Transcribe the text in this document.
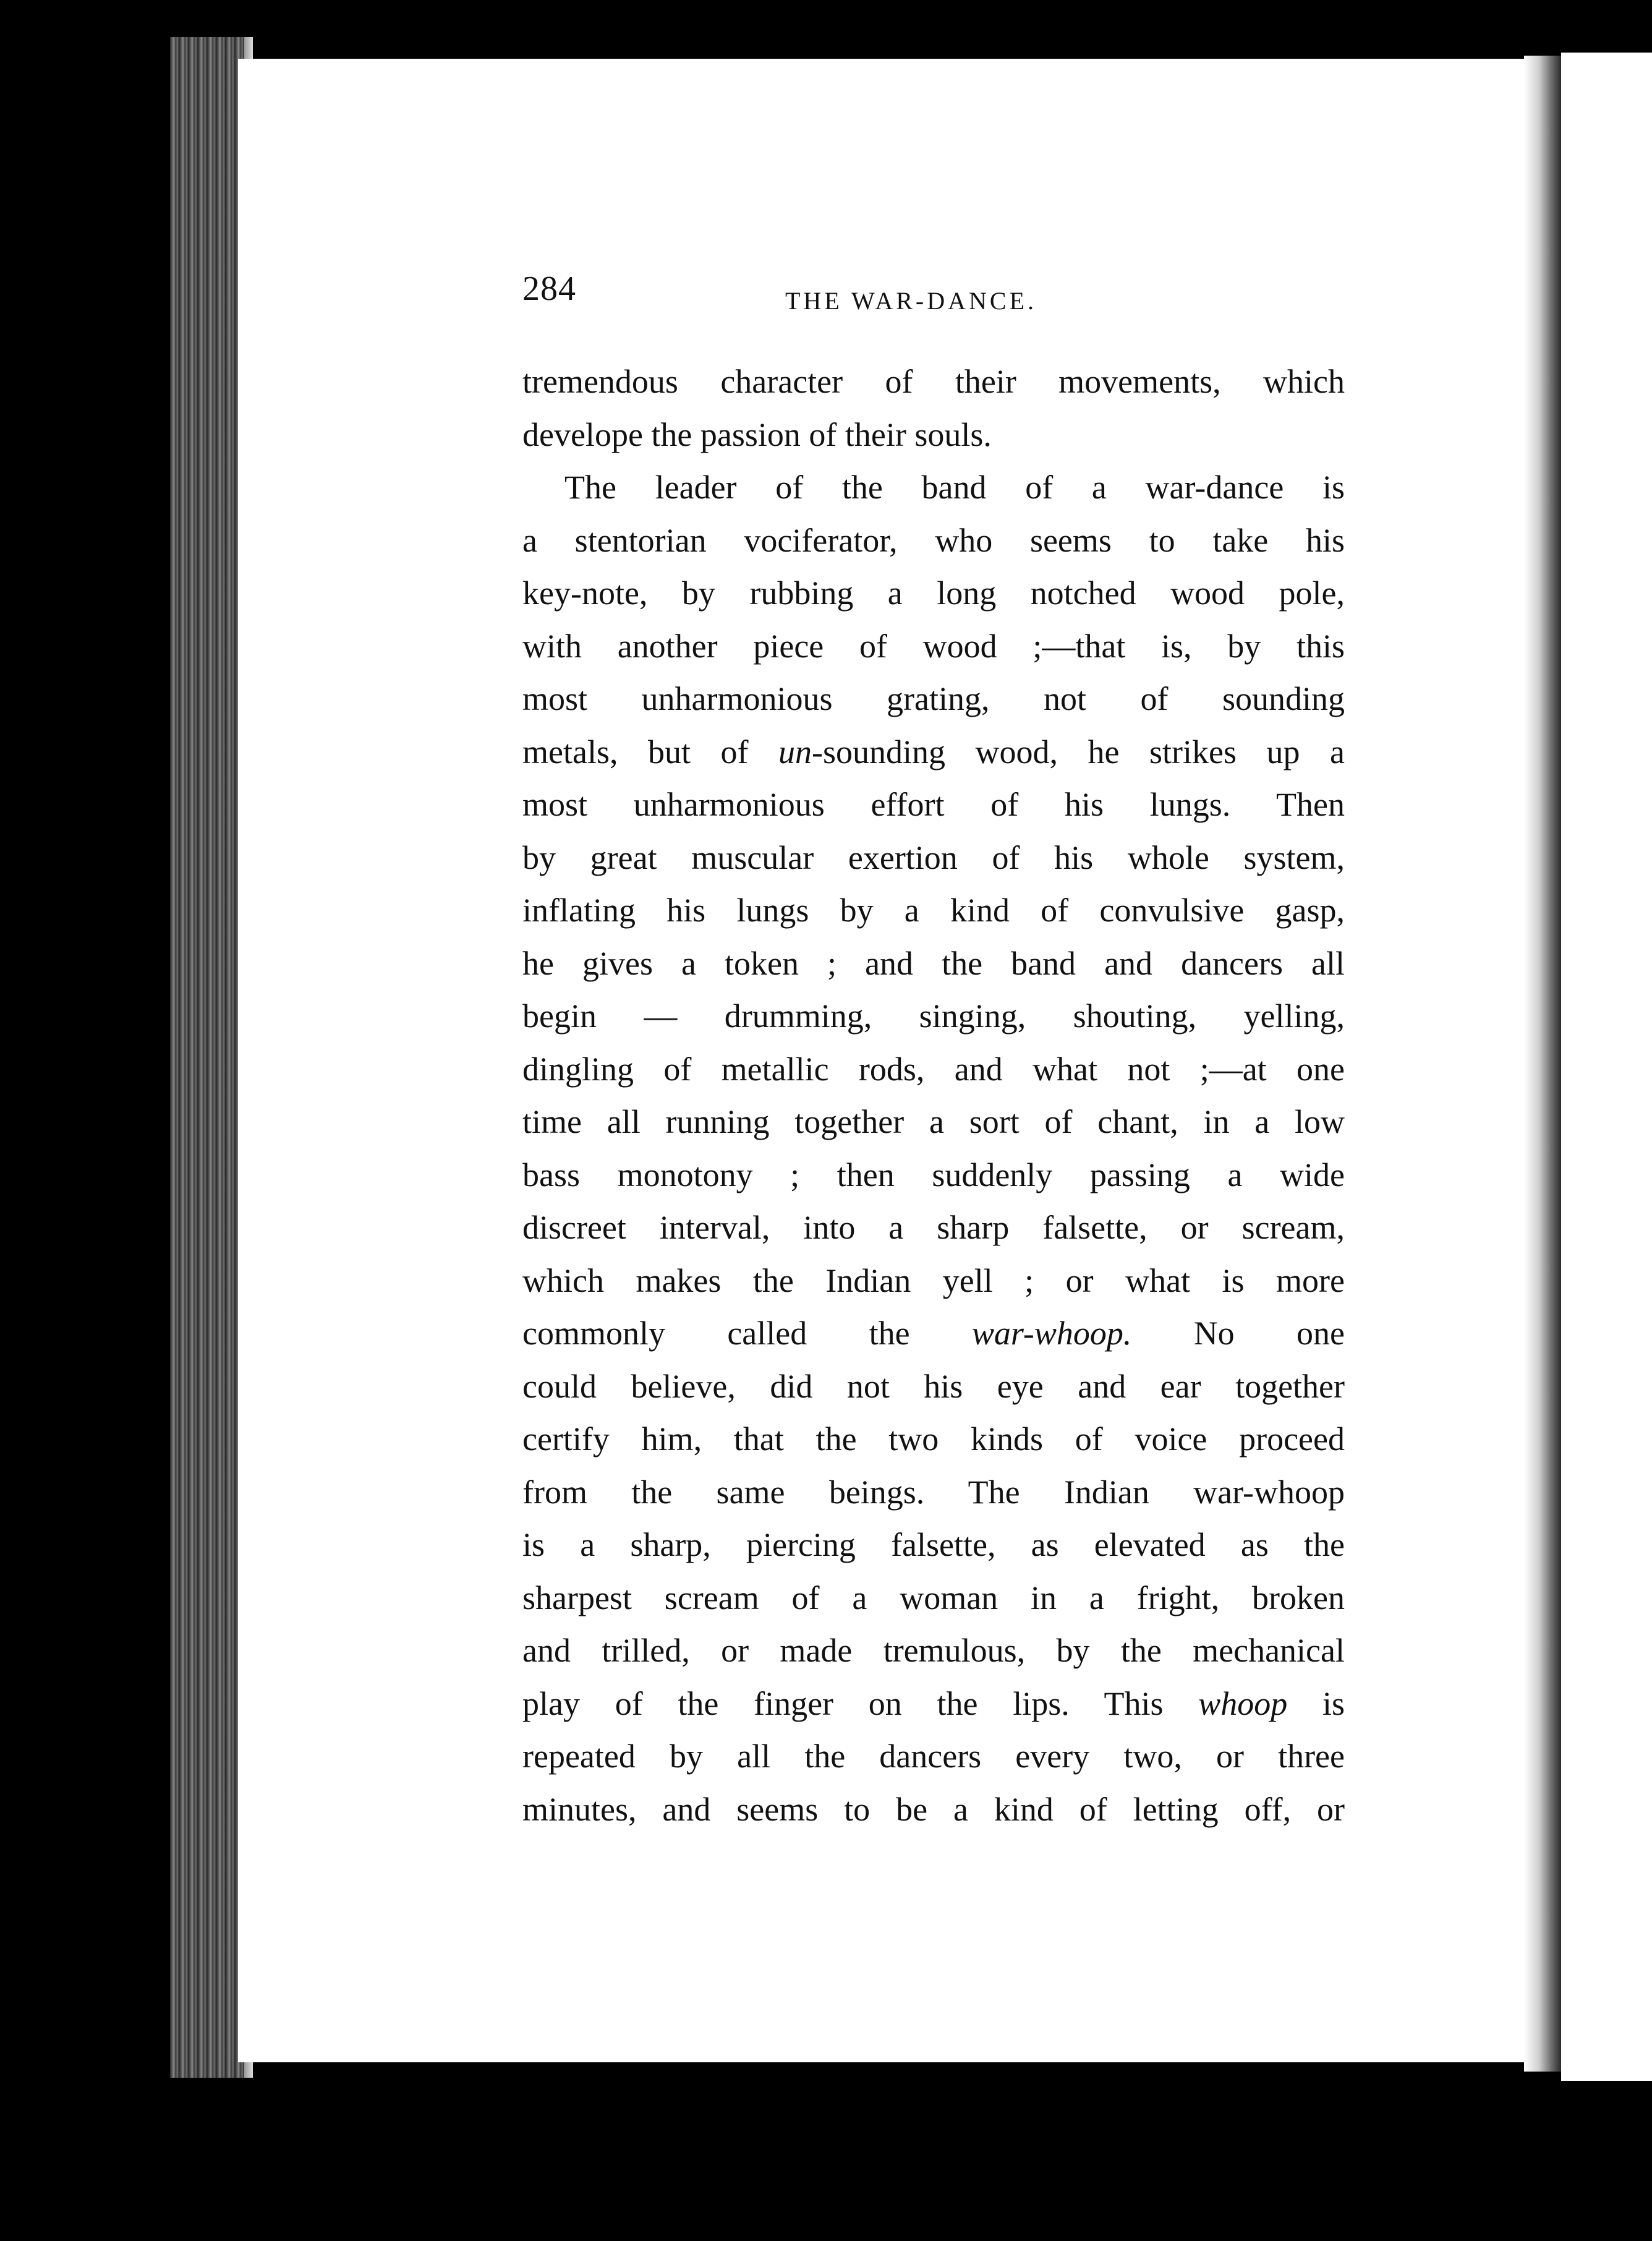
284	THE WAR-DANCE.
tremendous character of their movements, which
develope the passion of their souls.
The leader of the band of a war-dance is
a stentorian vociferator, who seems to take his
key-note, by rubbing a long notched wood pole,
with another piece of wood ;—that is, by this
most unharmonious grating, not of sounding
metals, but of un-sounding wood, he strikes up a
most unharmonious effort of his lungs. Then
by great muscular exertion of his whole system,
inflating his lungs by a kind of convulsive gasp,
he gives a token ; and the band and dancers all
begin — drumming, singing, shouting, yelling,
dingling of metallic rods, and what not ;—at one
time all running together a sort of chant, in a low
bass monotony ; then suddenly passing a wide
discreet interval, into a sharp falsette, or scream,
which makes the Indian yell ; or what is more
commonly called the war-whoop. No one
could believe, did not his eye and ear together
certify him, that the two kinds of voice proceed
from the same beings. The Indian war-whoop
is a sharp, piercing falsette, as elevated as the
sharpest scream of a woman in a fright, broken
and trilled, or made tremulous, by the mechanical
play of the finger on the lips. This whoop is
repeated by all the dancers every two, or three
minutes, and seems to be a kind of letting off, or
